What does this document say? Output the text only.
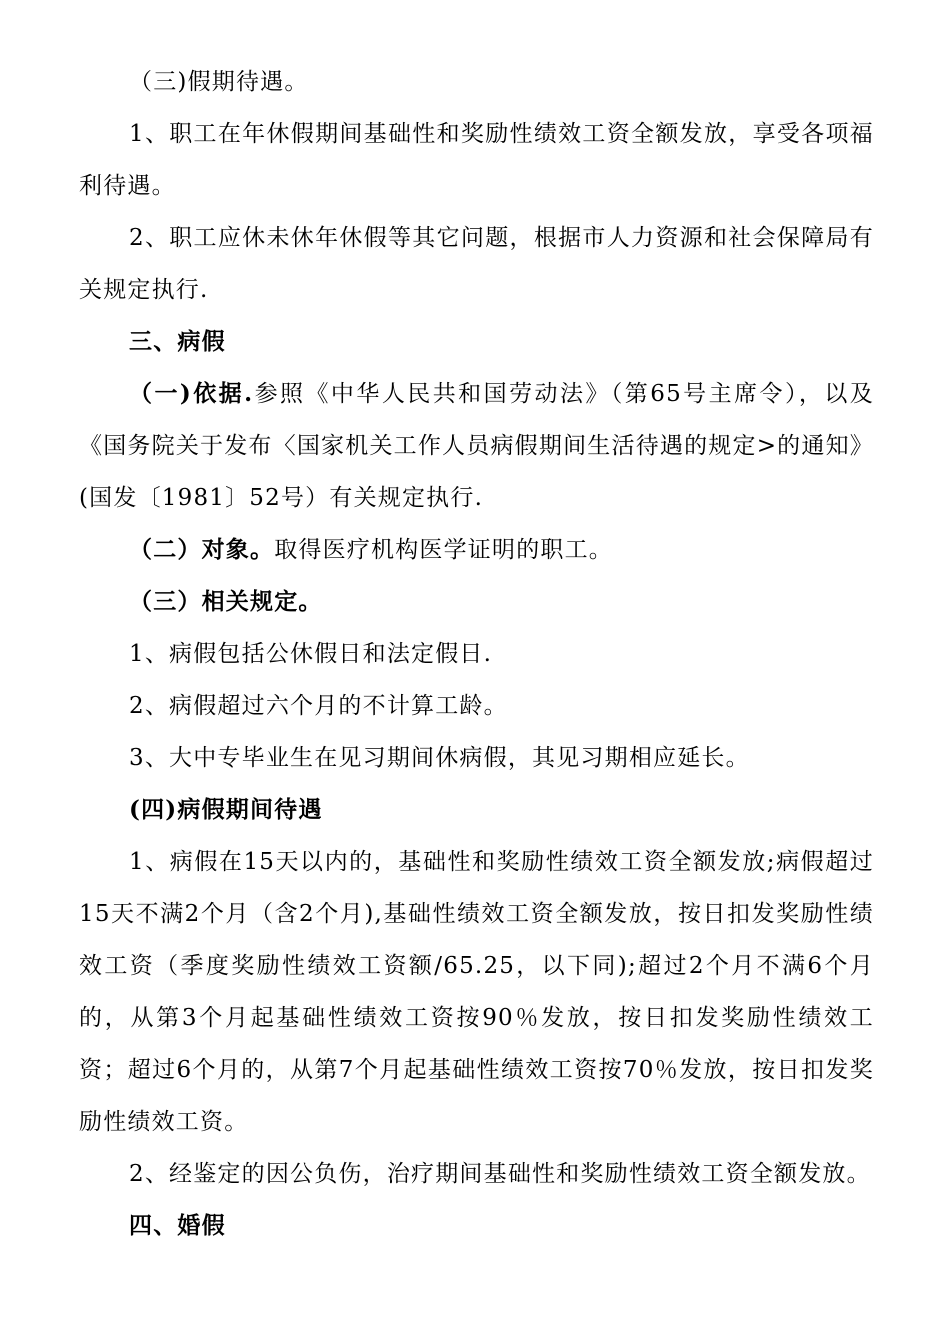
（三)假期待遇。

1、职工在年休假期间基础性和奖励性绩效工资全额发放，享受各项福利待遇。

2、职工应休未休年休假等其它问题，根据市人力资源和社会保障局有关规定执行.

三、病假

（一)依据.参照《中华人民共和国劳动法》（第65号主席令），以及《国务院关于发布〈国家机关工作人员病假期间生活待遇的规定>的通知》(国发〔1981〕52号）有关规定执行.

（二）对象。取得医疗机构医学证明的职工。

（三）相关规定。

1、病假包括公休假日和法定假日.

2、病假超过六个月的不计算工龄。

3、大中专毕业生在见习期间休病假，其见习期相应延长。

(四)病假期间待遇

1、病假在15天以内的，基础性和奖励性绩效工资全额发放;病假超过15天不满2个月（含2个月),基础性绩效工资全额发放，按日扣发奖励性绩效工资（季度奖励性绩效工资额/65.25，以下同);超过2个月不满6个月的，从第3个月起基础性绩效工资按90％发放，按日扣发奖励性绩效工资；超过6个月的，从第7个月起基础性绩效工资按70％发放，按日扣发奖励性绩效工资。

2、经鉴定的因公负伤，治疗期间基础性和奖励性绩效工资全额发放。

四、婚假
